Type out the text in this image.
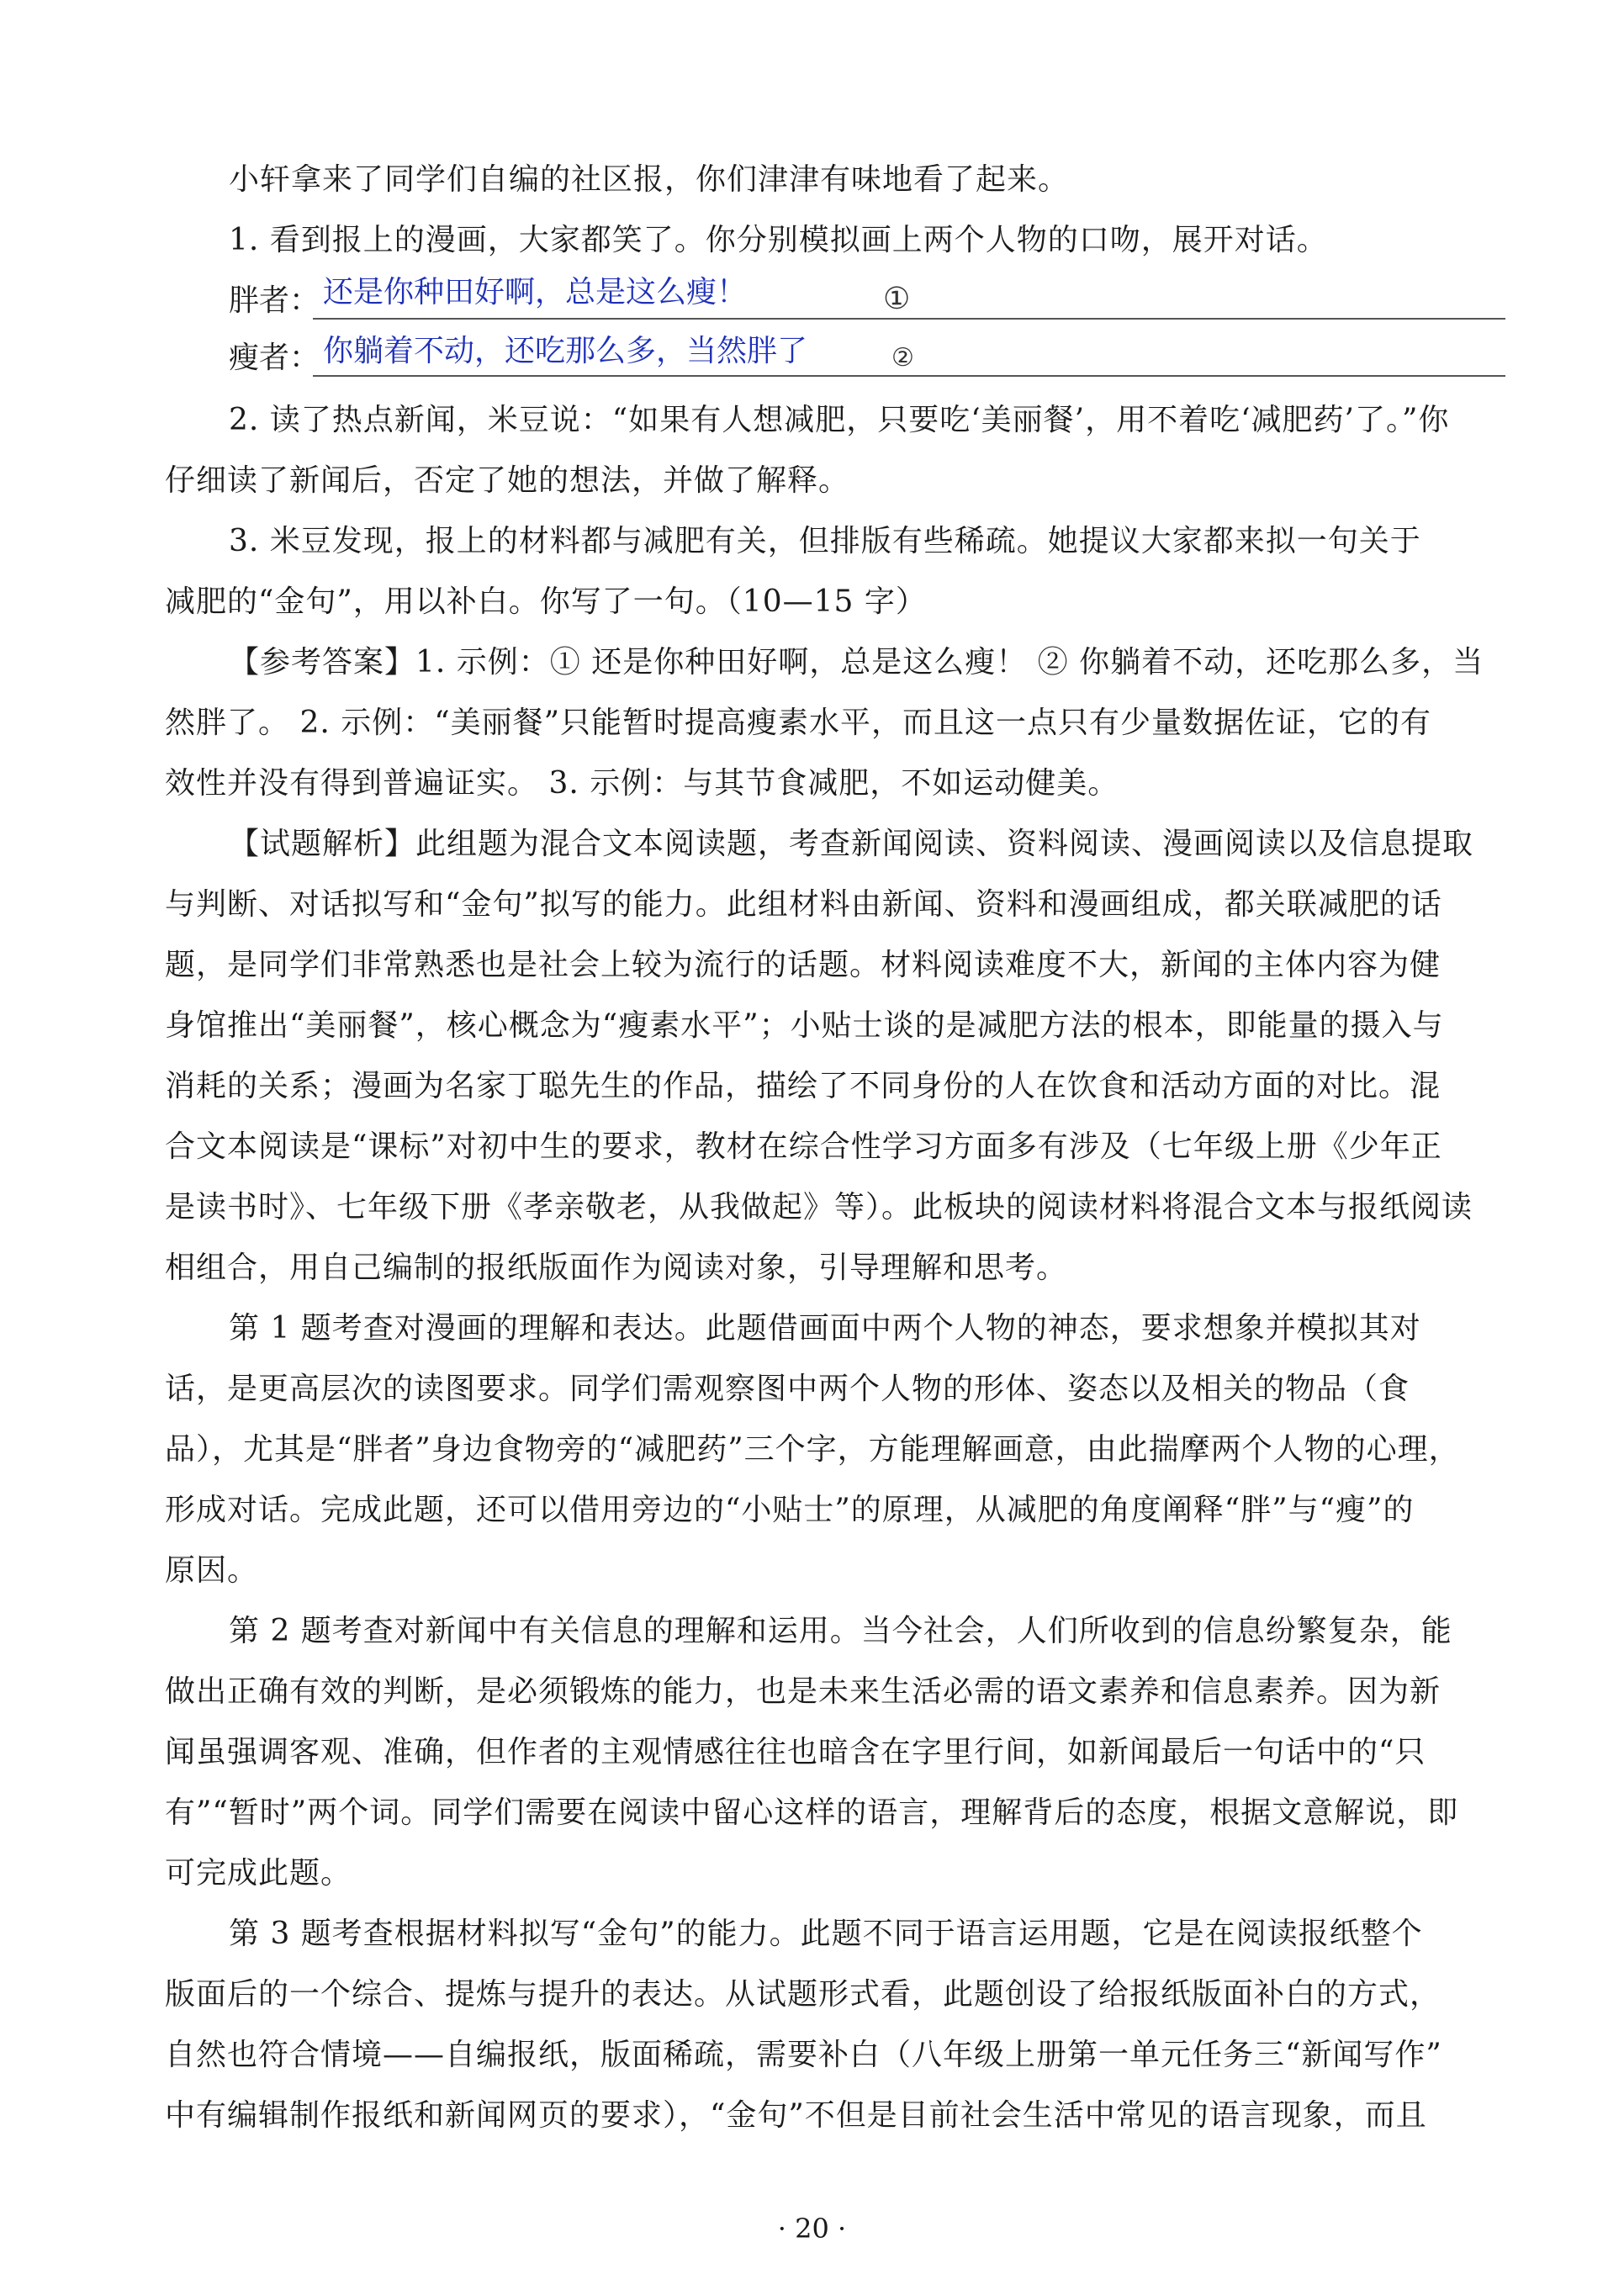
小轩拿来了同学们自编的社区报，你们津津有味地看了起来。
1. 看到报上的漫画，大家都笑了。你分别模拟画上两个人物的口吻，展开对话。
胖者： 还是你种田好啊，总是这么瘦！	①
瘦者： 你躺着不动，还吃那么多，当然胖了	②
2. 读了热点新闻，米豆说：“如果有人想减肥，只要吃‘美丽餐’，用不着吃‘减肥药’了。”你
仔细读了新闻后，否定了她的想法，并做了解释。
3. 米豆发现，报上的材料都与减肥有关，但排版有些稀疏。她提议大家都来拟一句关于
减肥的“金句”，用以补白。你写了一句。（10—15 字）
【参考答案】1. 示例：① 还是你种田好啊，总是这么瘦！ ② 你躺着不动，还吃那么多，当
然胖了。 2. 示例：“美丽餐”只能暂时提高瘦素水平，而且这一点只有少量数据佐证，它的有
效性并没有得到普遍证实。 3. 示例：与其节食减肥，不如运动健美。
【试题解析】此组题为混合文本阅读题，考查新闻阅读、资料阅读、漫画阅读以及信息提取
与判断、对话拟写和“金句”拟写的能力。此组材料由新闻、资料和漫画组成，都关联减肥的话
题，是同学们非常熟悉也是社会上较为流行的话题。材料阅读难度不大，新闻的主体内容为健
身馆推出“美丽餐”，核心概念为“瘦素水平”；小贴士谈的是减肥方法的根本，即能量的摄入与
消耗的关系；漫画为名家丁聪先生的作品，描绘了不同身份的人在饮食和活动方面的对比。混
合文本阅读是“课标”对初中生的要求，教材在综合性学习方面多有涉及（七年级上册《少年正
是读书时》、七年级下册《孝亲敬老，从我做起》等）。此板块的阅读材料将混合文本与报纸阅读
相组合，用自己编制的报纸版面作为阅读对象，引导理解和思考。
第 1 题考查对漫画的理解和表达。此题借画面中两个人物的神态，要求想象并模拟其对
话，是更高层次的读图要求。同学们需观察图中两个人物的形体、姿态以及相关的物品（食
品），尤其是“胖者”身边食物旁的“减肥药”三个字，方能理解画意，由此揣摩两个人物的心理，
形成对话。完成此题，还可以借用旁边的“小贴士”的原理，从减肥的角度阐释“胖”与“瘦”的
原因。
第 2 题考查对新闻中有关信息的理解和运用。当今社会，人们所收到的信息纷繁复杂，能
做出正确有效的判断，是必须锻炼的能力，也是未来生活必需的语文素养和信息素养。因为新
闻虽强调客观、准确，但作者的主观情感往往也暗含在字里行间，如新闻最后一句话中的“只
有”“暂时”两个词。同学们需要在阅读中留心这样的语言，理解背后的态度，根据文意解说，即
可完成此题。
第 3 题考查根据材料拟写“金句”的能力。此题不同于语言运用题，它是在阅读报纸整个
版面后的一个综合、提炼与提升的表达。从试题形式看，此题创设了给报纸版面补白的方式，
自然也符合情境——自编报纸，版面稀疏，需要补白（八年级上册第一单元任务三“新闻写作”
中有编辑制作报纸和新闻网页的要求），“金句”不但是目前社会生活中常见的语言现象，而且
· 20 ·
